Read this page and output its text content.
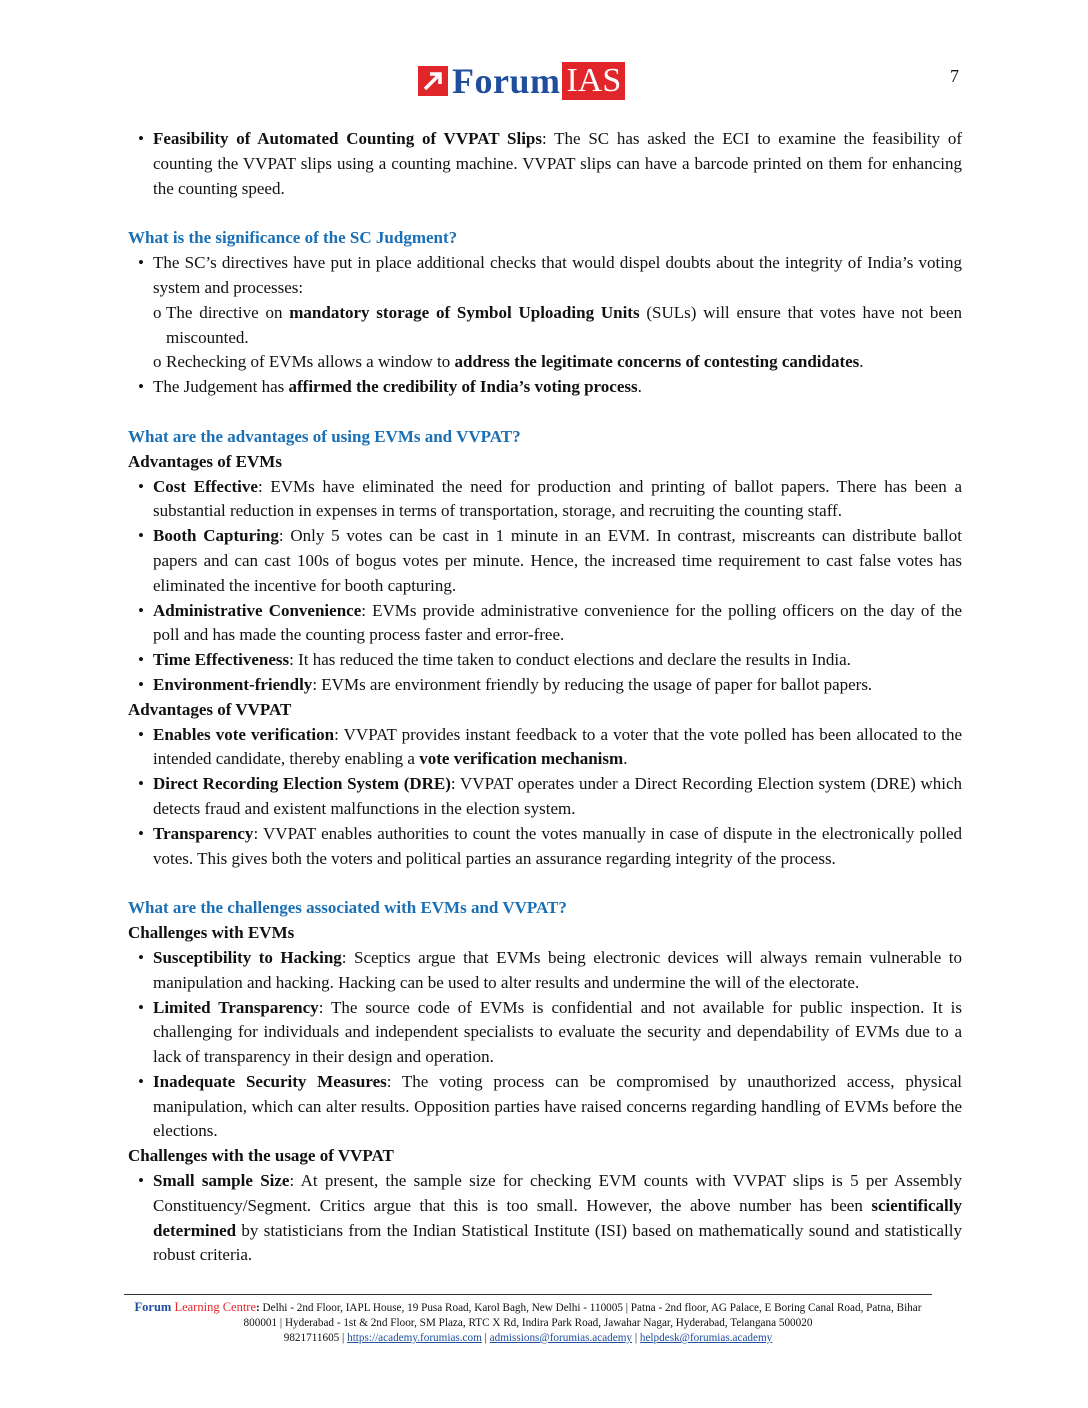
Forum IAS	7
• Feasibility of Automated Counting of VVPAT Slips: The SC has asked the ECI to examine the feasibility of counting the VVPAT slips using a counting machine. VVPAT slips can have a barcode printed on them for enhancing the counting speed.

What is the significance of the SC Judgment?

• The SC’s directives have put in place additional checks that would dispel doubts about the integrity of India’s voting system and processes:
o The directive on mandatory storage of Symbol Uploading Units (SULs) will ensure that votes have not been miscounted.
o Rechecking of EVMs allows a window to address the legitimate concerns of contesting candidates.
• The Judgement has affirmed the credibility of India’s voting process.

What are the advantages of using EVMs and VVPAT?

Advantages of EVMs

• Cost Effective: EVMs have eliminated the need for production and printing of ballot papers. There has been a substantial reduction in expenses in terms of transportation, storage, and recruiting the counting staff.
• Booth Capturing: Only 5 votes can be cast in 1 minute in an EVM. In contrast, miscreants can distribute ballot papers and can cast 100s of bogus votes per minute. Hence, the increased time requirement to cast false votes has eliminated the incentive for booth capturing.
• Administrative Convenience: EVMs provide administrative convenience for the polling officers on the day of the poll and has made the counting process faster and error-free.
• Time Effectiveness: It has reduced the time taken to conduct elections and declare the results in India.
• Environment-friendly: EVMs are environment friendly by reducing the usage of paper for ballot papers.

Advantages of VVPAT

• Enables vote verification: VVPAT provides instant feedback to a voter that the vote polled has been allocated to the intended candidate, thereby enabling a vote verification mechanism.
• Direct Recording Election System (DRE): VVPAT operates under a Direct Recording Election system (DRE) which detects fraud and existent malfunctions in the election system.
• Transparency: VVPAT enables authorities to count the votes manually in case of dispute in the electronically polled votes. This gives both the voters and political parties an assurance regarding integrity of the process.

What are the challenges associated with EVMs and VVPAT?

Challenges with EVMs

• Susceptibility to Hacking: Sceptics argue that EVMs being electronic devices will always remain vulnerable to manipulation and hacking. Hacking can be used to alter results and undermine the will of the electorate.
• Limited Transparency: The source code of EVMs is confidential and not available for public inspection. It is challenging for individuals and independent specialists to evaluate the security and dependability of EVMs due to a lack of transparency in their design and operation.
• Inadequate Security Measures: The voting process can be compromised by unauthorized access, physical manipulation, which can alter results. Opposition parties have raised concerns regarding handling of EVMs before the elections.

Challenges with the usage of VVPAT

• Small sample Size: At present, the sample size for checking EVM counts with VVPAT slips is 5 per Assembly Constituency/Segment. Critics argue that this is too small. However, the above number has been scientifically determined by statisticians from the Indian Statistical Institute (ISI) based on mathematically sound and statistically robust criteria.
Forum Learning Centre: Delhi - 2nd Floor, IAPL House, 19 Pusa Road, Karol Bagh, New Delhi - 110005 | Patna - 2nd floor, AG Palace, E Boring Canal Road, Patna, Bihar 800001 | Hyderabad - 1st & 2nd Floor, SM Plaza, RTC X Rd, Indira Park Road, Jawahar Nagar, Hyderabad, Telangana 500020
9821711605 | https://academy.forumias.com | admissions@forumias.academy | helpdesk@forumias.academy
